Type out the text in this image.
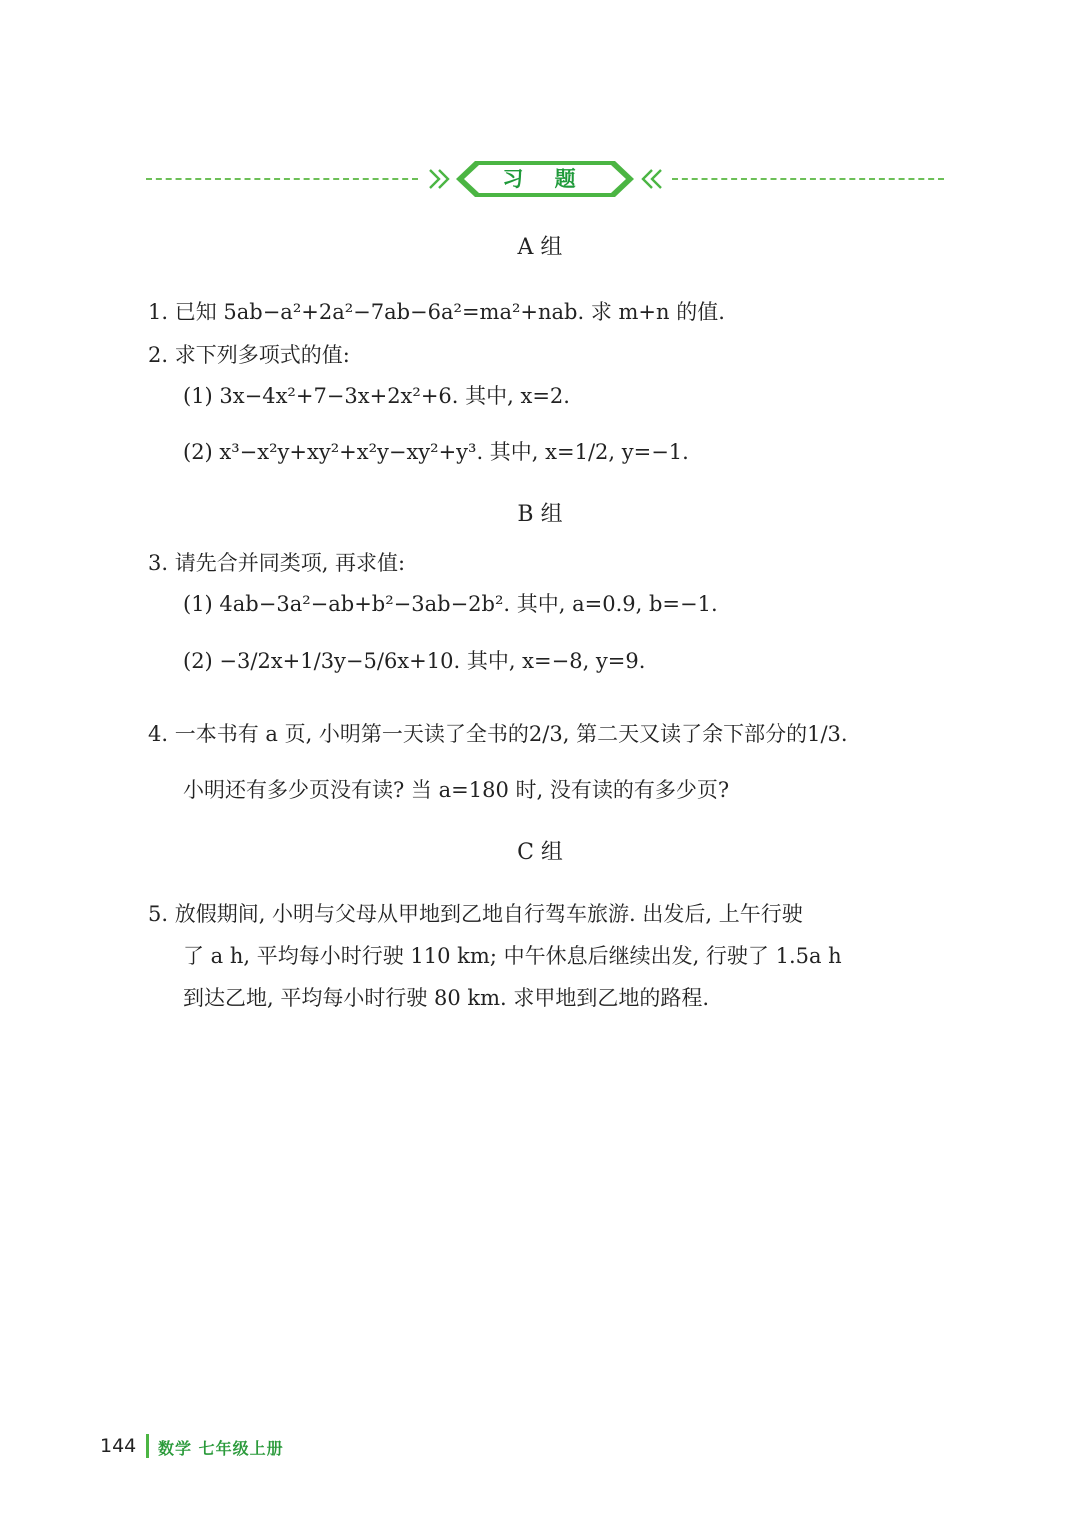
习 题
A 组
1. 已知 5ab−a²+2a²−7ab−6a²=ma²+nab. 求 m+n 的值.
2. 求下列多项式的值:
(1) 3x−4x²+7−3x+2x²+6. 其中, x=2.
(2) x³−x²y+xy²+x²y−xy²+y³. 其中, x=1/2, y=−1.
B 组
3. 请先合并同类项, 再求值:
(1) 4ab−3a²−ab+b²−3ab−2b². 其中, a=0.9, b=−1.
(2) −3/2x+1/3y−5/6x+10. 其中, x=−8, y=9.
4. 一本书有 a 页, 小明第一天读了全书的2/3, 第二天又读了余下部分的1/3.
小明还有多少页没有读? 当 a=180 时, 没有读的有多少页?
C 组
5. 放假期间, 小明与父母从甲地到乙地自行驾车旅游. 出发后, 上午行驶
了 a h, 平均每小时行驶 110 km; 中午休息后继续出发, 行驶了 1.5a h
到达乙地, 平均每小时行驶 80 km. 求甲地到乙地的路程.
144 数学 七年级上册
